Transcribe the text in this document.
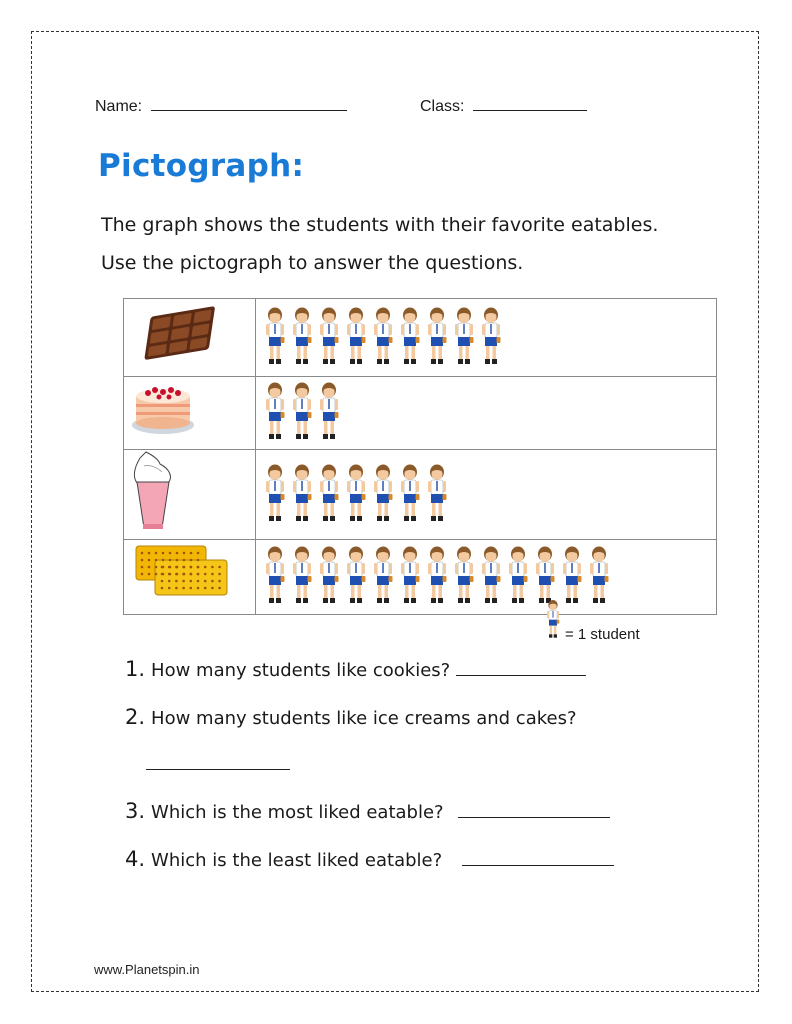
Name:	Class:
Pictograph:
The graph shows the students with their favorite eatables.
Use the pictograph to answer the questions.

= 1 student
1. How many students like cookies?
2. How many students like ice creams and cakes?
3. Which is the most liked eatable?
4. Which is the least liked eatable?
www.Planetspin.in
